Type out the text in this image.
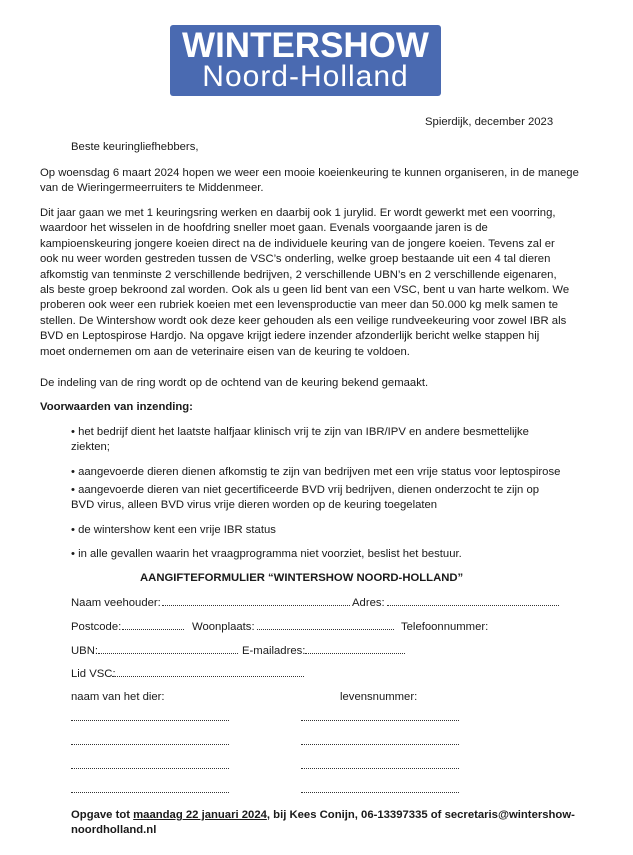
WINTERSHOW
Noord-Holland
Spierdijk, december 2023
Beste keuringliefhebbers,
Op woensdag 6 maart 2024 hopen we weer een mooie koeienkeuring te kunnen organiseren, in de manege van de Wieringermeerruiters te Middenmeer.
Dit jaar gaan we met 1 keuringsring werken en daarbij ook 1 jurylid. Er wordt gewerkt met een voorring,
waardoor het wisselen in de hoofdring sneller moet gaan. Evenals voorgaande jaren is de
kampioenskeuring jongere koeien direct na de individuele keuring van de jongere koeien. Tevens zal er
ook nu weer worden gestreden tussen de VSC’s onderling, welke groep bestaande uit een 4 tal dieren
afkomstig van tenminste 2 verschillende bedrijven, 2 verschillende UBN’s en 2 verschillende eigenaren,
als beste groep bekroond zal worden. Ook als u geen lid bent van een VSC, bent u van harte welkom. We
proberen ook weer een rubriek koeien met een levensproductie van meer dan 50.000 kg melk samen te
stellen. De Wintershow wordt ook deze keer gehouden als een veilige rundveekeuring voor zowel IBR als
BVD en Leptospirose Hardjo. Na opgave krijgt iedere inzender afzonderlijk bericht welke stappen hij
moet ondernemen om aan de veterinaire eisen van de keuring te voldoen.
De indeling van de ring wordt op de ochtend van de keuring bekend gemaakt.
Voorwaarden van inzending:
• het bedrijf dient het laatste halfjaar klinisch vrij te zijn van IBR/IPV en andere besmettelijke
ziekten;
• aangevoerde dieren dienen afkomstig te zijn van bedrijven met een vrije status voor leptospirose
• aangevoerde dieren van niet gecertificeerde BVD vrij bedrijven, dienen onderzocht te zijn op
BVD virus, alleen BVD virus vrije dieren worden op de keuring toegelaten
• de wintershow kent een vrije IBR status
• in alle gevallen waarin het vraagprogramma niet voorziet, beslist het bestuur.
AANGIFTEFORMULIER “WINTERSHOW NOORD-HOLLAND”
Naam veehouder:	Adres:
Postcode:	Woonplaats:	Telefoonnummer:
UBN:	E-mailadres:
Lid VSC:
naam van het dier:	levensnummer:
Opgave tot maandag 22 januari 2024, bij Kees Conijn, 06-13397335 of secretaris@wintershow-
noordholland.nl
